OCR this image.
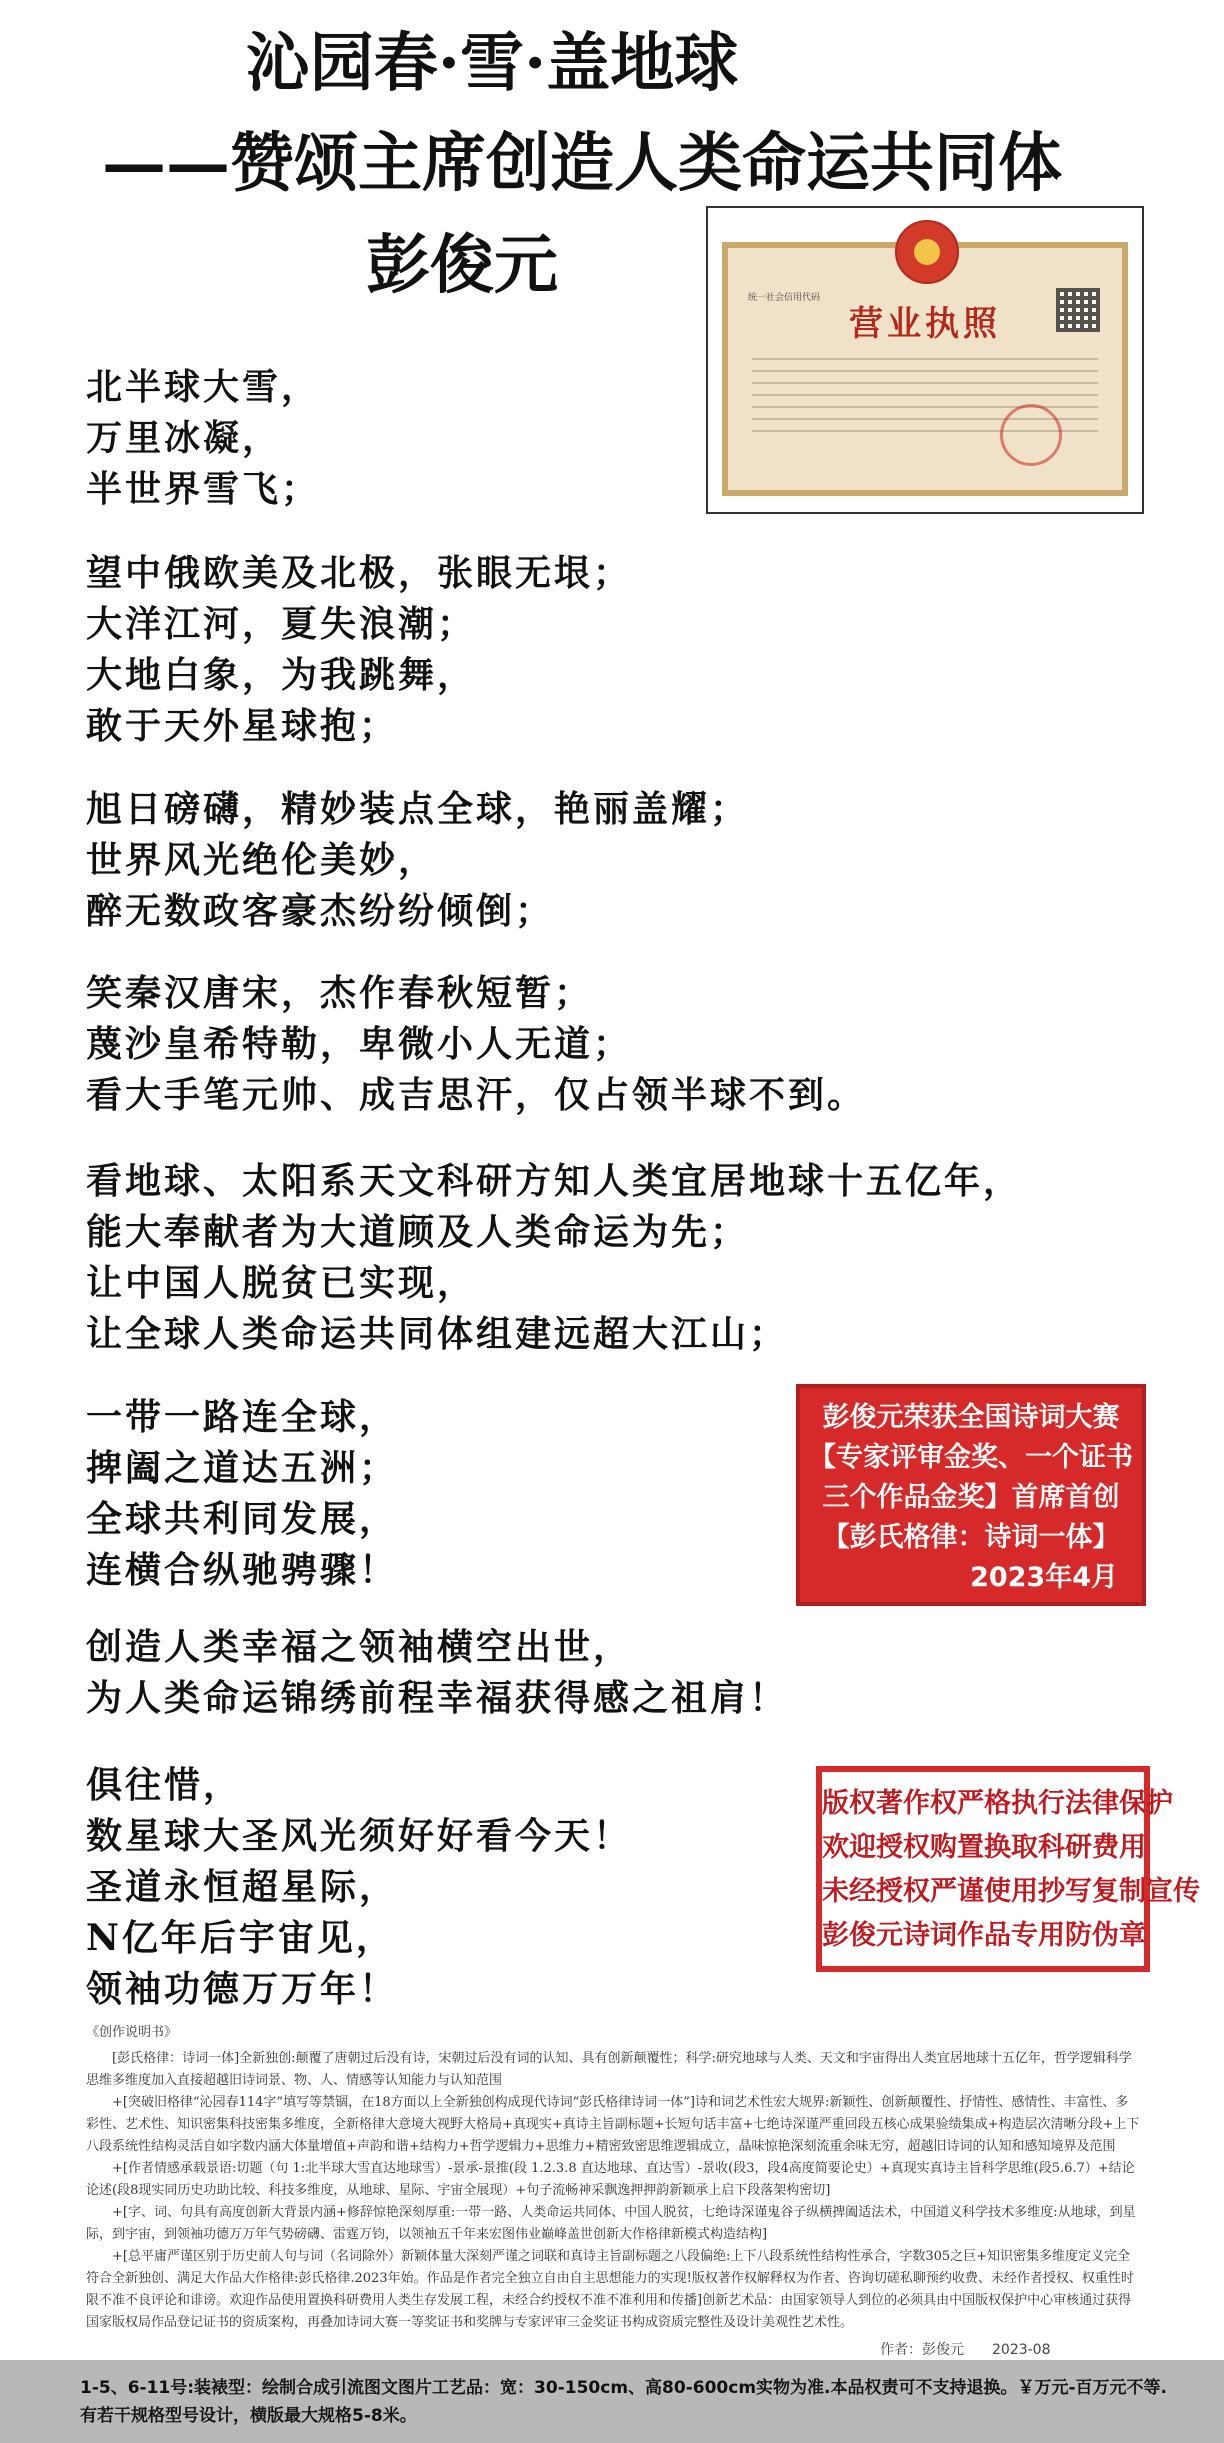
沁园春·雪·盖地球
——赞颂主席创造人类命运共同体
彭俊元	统一社会信用代码
营业执照
北半球大雪，
万里冰凝，
半世界雪飞；
望中俄欧美及北极，张眼无垠；
大洋江河，夏失浪潮；
大地白象，为我跳舞，
敢于天外星球抱；
旭日磅礴，精妙装点全球，艳丽盖耀；
世界风光绝伦美妙，
醉无数政客豪杰纷纷倾倒；
笑秦汉唐宋，杰作春秋短暂；
蔑沙皇希特勒，卑微小人无道；
看大手笔元帅、成吉思汗，仅占领半球不到。
看地球、太阳系天文科研方知人类宜居地球十五亿年，
能大奉献者为大道顾及人类命运为先；
让中国人脱贫已实现，
让全球人类命运共同体组建远超大江山；
一带一路连全球，
捭阖之道达五洲；
全球共利同发展，
连横合纵驰骋骤！
创造人类幸福之领袖横空出世，
为人类命运锦绣前程幸福获得感之祖肩！
俱往惜，
数星球大圣风光须好好看今天！
圣道永恒超星际，
N亿年后宇宙见，
领袖功德万万年！
彭俊元荣获全国诗词大赛
【专家评审金奖、一个证书
三个作品金奖】首席首创
【彭氏格律：诗词一体】
2023年4月
版权著作权严格执行法律保护
欢迎授权购置换取科研费用
未经授权严谨使用抄写复制宣传
彭俊元诗词作品专用防伪章

《创作说明书》

[彭氏格律：诗词一体]全新独创:颠覆了唐朝过后没有诗，宋朝过后没有词的认知、具有创新颠覆性；科学:研究地球与人类、天文和宇宙得出人类宜居地球十五亿年，哲学逻辑科学思维多维度加入直接超越旧诗词景、物、人、情感等认知能力与认知范围

+[突破旧格律“沁园春114字”填写等禁锢，在18方面以上全新独创构成现代诗词“彭氏格律诗词一体”]诗和词艺术性宏大规界:新颖性、创新颠覆性、抒情性、感情性、丰富性、多彩性、艺术性、知识密集科技密集多维度，全新格律大意境大视野大格局+真现实+真诗主旨副标题+长短句话丰富+七绝诗深谨严重回段五核心成果验绩集成+构造层次清晰分段+上下八段系统性结构灵活自如字数内涵大体量增值+声韵和谐+结构力+哲学逻辑力+思维力+精密致密思维逻辑成立，晶味惊艳深刻流重余味无穷，超越旧诗词的认知和感知境界及范围

+[作者情感承载景语:切题（句 1:北半球大雪直达地球雪）-景承-景推(段 1.2.3.8 直达地球、直达雪）-景收(段3，段4高度简要论史）+真现实真诗主旨科学思维(段5.6.7）+结论论述(段8现实同历史功助比较、科技多维度，从地球、星际、宇宙全展现）+句子流畅神采飘逸押押韵新颖承上启下段落架构密切]

+[字、词、句具有高度创新大背景内涵+修辞惊艳深刻厚重:一带一路、人类命运共同体、中国人脱贫，七绝诗深谨鬼谷子纵横捭阖适法术，中国道义科学技术多维度:从地球，到星际，到宇宙，到领袖功德万万年气势磅礴、雷霆万钧，以领袖五千年来宏图伟业巅峰盖世创新大作格律新模式构造结构]

+[总平庸严谨区别于历史前人句与词（名词除外）新颖体量大深刻严谨之词联和真诗主旨副标题之八段偏绝:上下八段系统性结构性承合，字数305之巨+知识密集多维度定义完全符合全新独创、满足大作品大作格律:彭氏格律.2023年始。作品是作者完全独立自由自主思想能力的实现!版权著作权解释权为作者、咨询切磋私聊预约收费、未经作者授权、权重性时限不准不良评论和诽谤。欢迎作品使用置换科研费用人类生存发展工程，未经合约授权不准不准利用和传播]创新艺术品：由国家领导人到位的必须具由中国版权保护中心审核通过获得国家版权局作品登记证书的资质案构，再叠加诗词大赛一等奖证书和奖牌与专家评审三金奖证书构成资质完整性及设计美观性艺术性。

作者：彭俊元　　2023-08
1-5、6-11号:装裱型：绘制合成引流图文图片工艺品：宽：30-150cm、高80-600cm实物为准.本品权责可不支持退换。￥万元-百万元不等.
有若干规格型号设计，横版最大规格5-8米。
